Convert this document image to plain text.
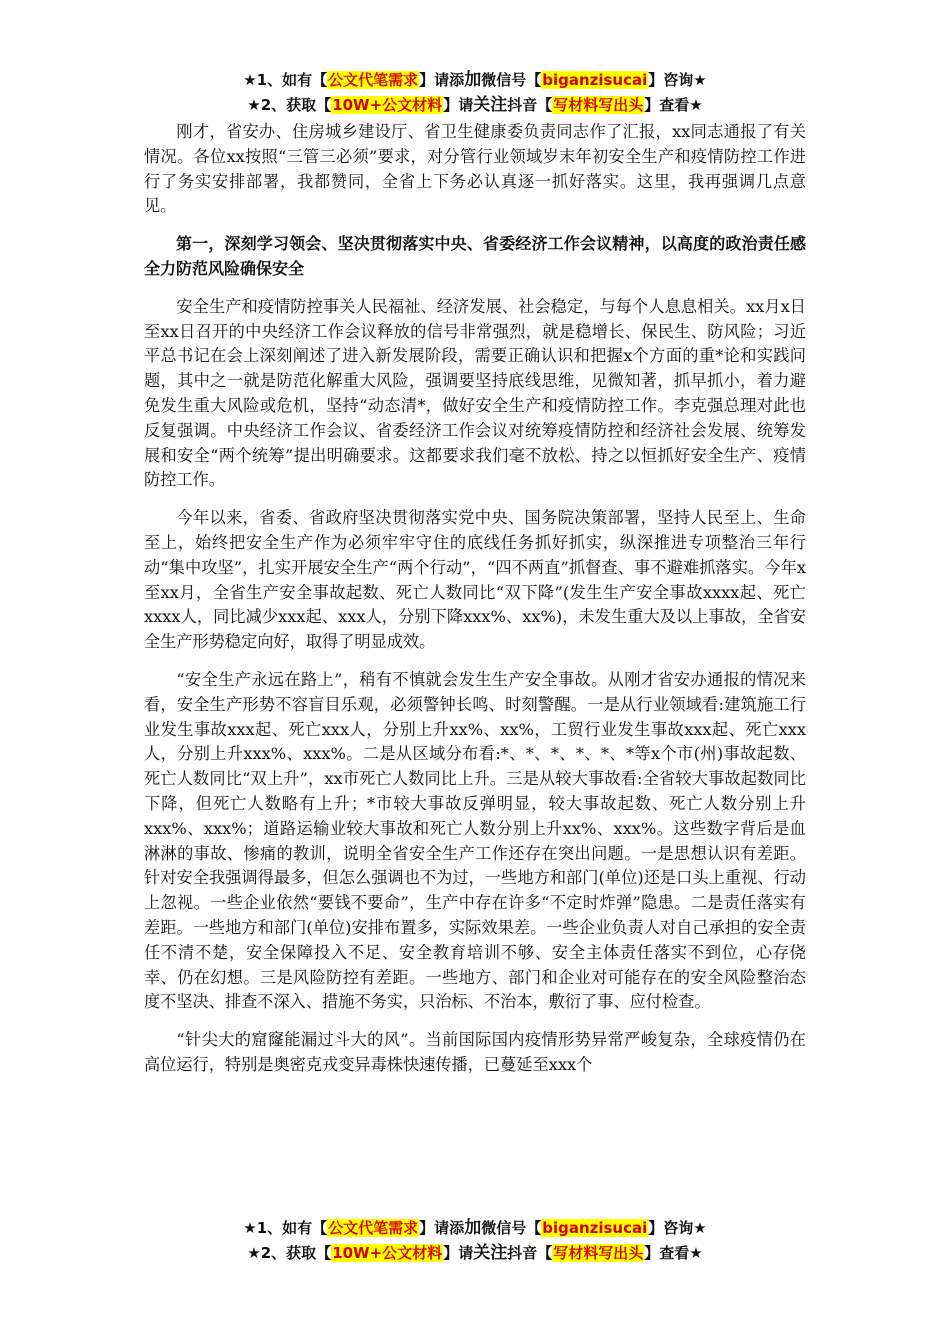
★1、如有【公文代笔需求】请添加微信号【biganzisucai】咨询★
★2、获取【10W+公文材料】请关注抖音【写材料写出头】查看★

刚才，省安办、住房城乡建设厅、省卫生健康委负责同志作了汇报，xx同志通报了有关情况。各位xx按照“三管三必须”要求，对分管行业领域岁末年初安全生产和疫情防控工作进行了务实安排部署，我都赞同，全省上下务必认真逐一抓好落实。这里，我再强调几点意见。

第一，深刻学习领会、坚决贯彻落实中央、省委经济工作会议精神，以高度的政治责任感全力防范风险确保安全

安全生产和疫情防控事关人民福祉、经济发展、社会稳定，与每个人息息相关。xx月x日至xx日召开的中央经济工作会议释放的信号非常强烈，就是稳增长、保民生、防风险；习近平总书记在会上深刻阐述了进入新发展阶段，需要正确认识和把握x个方面的重*论和实践问题，其中之一就是防范化解重大风险，强调要坚持底线思维，见微知著，抓早抓小，着力避免发生重大风险或危机，坚持“动态清*，做好安全生产和疫情防控工作。李克强总理对此也反复强调。中央经济工作会议、省委经济工作会议对统筹疫情防控和经济社会发展、统筹发展和安全“两个统筹”提出明确要求。这都要求我们毫不放松、持之以恒抓好安全生产、疫情防控工作。

今年以来，省委、省政府坚决贯彻落实党中央、国务院决策部署，坚持人民至上、生命至上，始终把安全生产作为必须牢牢守住的底线任务抓好抓实，纵深推进专项整治三年行动“集中攻坚”，扎实开展安全生产“两个行动”，“四不两直”抓督查、事不避难抓落实。今年x至xx月，全省生产安全事故起数、死亡人数同比“双下降”(发生生产安全事故xxxx起、死亡xxxx人，同比减少xxx起、xxx人，分别下降xxx%、xx%)，未发生重大及以上事故，全省安全生产形势稳定向好，取得了明显成效。

“安全生产永远在路上”，稍有不慎就会发生生产安全事故。从刚才省安办通报的情况来看，安全生产形势不容盲目乐观，必须警钟长鸣、时刻警醒。一是从行业领域看:建筑施工行业发生事故xxx起、死亡xxx人，分别上升xx%、xx%，工贸行业发生事故xxx起、死亡xxx人，分别上升xxx%、xxx%。二是从区域分布看:*、*、*、*、*、*等x个市(州)事故起数、死亡人数同比“双上升”，xx市死亡人数同比上升。三是从较大事故看:全省较大事故起数同比下降，但死亡人数略有上升；*市较大事故反弹明显，较大事故起数、死亡人数分别上升xxx%、xxx%；道路运输业较大事故和死亡人数分别上升xx%、xxx%。这些数字背后是血淋淋的事故、惨痛的教训，说明全省安全生产工作还存在突出问题。一是思想认识有差距。针对安全我强调得最多，但怎么强调也不为过，一些地方和部门(单位)还是口头上重视、行动上忽视。一些企业依然“要钱不要命”，生产中存在许多“不定时炸弹”隐患。二是责任落实有差距。一些地方和部门(单位)安排布置多，实际效果差。一些企业负责人对自己承担的安全责任不清不楚，安全保障投入不足、安全教育培训不够、安全主体责任落实不到位，心存侥幸、仍在幻想。三是风险防控有差距。一些地方、部门和企业对可能存在的安全风险整治态度不坚决、排查不深入、措施不务实，只治标、不治本，敷衍了事、应付检查。

“针尖大的窟窿能漏过斗大的风”。当前国际国内疫情形势异常严峻复杂，全球疫情仍在高位运行，特别是奥密克戎变异毒株快速传播，已蔓延至xxx个

★1、如有【公文代笔需求】请添加微信号【biganzisucai】咨询★
★2、获取【10W+公文材料】请关注抖音【写材料写出头】查看★
